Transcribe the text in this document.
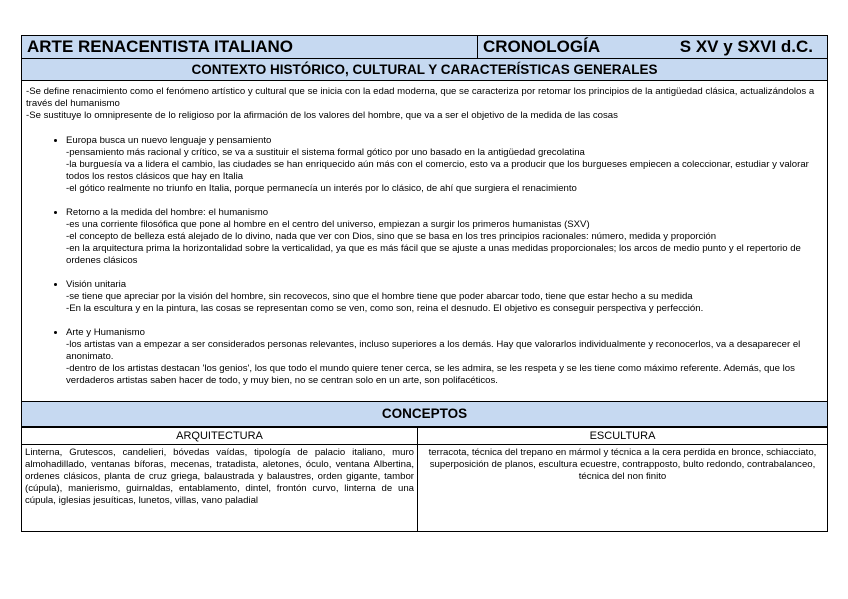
ARTE RENACENTISTA ITALIANO	CRONOLOGÍA	S XV y SXVI d.C.
CONTEXTO HISTÓRICO, CULTURAL Y CARACTERÍSTICAS GENERALES

-Se define renacimiento como el fenómeno artístico y cultural que se inicia con la edad moderna, que se caracteriza por retomar los principios de la antigüedad clásica, actualizándolos a través del humanismo

-Se sustituye lo omnipresente de lo religioso por la afirmación de los valores del hombre, que va a ser el objetivo de la medida de las cosas

• Europa busca un nuevo lenguaje y pensamiento
-pensamiento más racional y crítico, se va a sustituir el sistema formal gótico por uno basado en la antigüedad grecolatina
-la burguesía va a lidera el cambio, las ciudades se han enriquecido aún más con el comercio, esto va a producir que los burgueses empiecen a coleccionar, estudiar y valorar todos los restos clásicos que hay en Italia
-el gótico realmente no triunfo en Italia, porque permanecía un interés por lo clásico, de ahí que surgiera el renacimiento
• Retorno a la medida del hombre: el humanismo
-es una corriente filosófica que pone al hombre en el centro del universo, empiezan a surgir los primeros humanistas (SXV)
-el concepto de belleza está alejado de lo divino, nada que ver con Dios, sino que se basa en los tres principios racionales: número, medida y proporción
-en la arquitectura prima la horizontalidad sobre la verticalidad, ya que es más fácil que se ajuste a unas medidas proporcionales; los arcos de medio punto y el repertorio de ordenes clásicos
• Visión unitaria
-se tiene que apreciar por la visión del hombre, sin recovecos, sino que el hombre tiene que poder abarcar todo, tiene que estar hecho a su medida
-En la escultura y en la pintura, las cosas se representan como se ven, como son, reina el desnudo. El objetivo es conseguir perspectiva y perfección.
• Arte y Humanismo
-los artistas van a empezar a ser considerados personas relevantes, incluso superiores a los demás. Hay que valorarlos individualmente y reconocerlos, va a desaparecer el anonimato.
-dentro de los artistas destacan 'los genios', los que todo el mundo quiere tener cerca, se les admira, se les respeta y se les tiene como máximo referente. Además, que los verdaderos artistas saben hacer de todo, y muy bien, no se centran solo en un arte, son polifacéticos.
CONCEPTOS
ARQUITECTURA
Linterna, Grutescos, candelieri, bóvedas vaídas, tipología de palacio italiano, muro almohadillado, ventanas bíforas, mecenas, tratadista, aletones, óculo, ventana Albertina, ordenes clásicos, planta de cruz griega, balaustrada y balaustres, orden gigante, tambor (cúpula), manierismo, guirnaldas, entablamento, dintel, frontón curvo, linterna de una cúpula, iglesias jesuíticas, lunetos, villas, vano paladial
ESCULTURA
terracota, técnica del trepano en mármol y técnica a la cera perdida en bronce, schiacciato, superposición de planos, escultura ecuestre, contrapposto, bulto redondo, contrabalanceo, técnica del non finito
